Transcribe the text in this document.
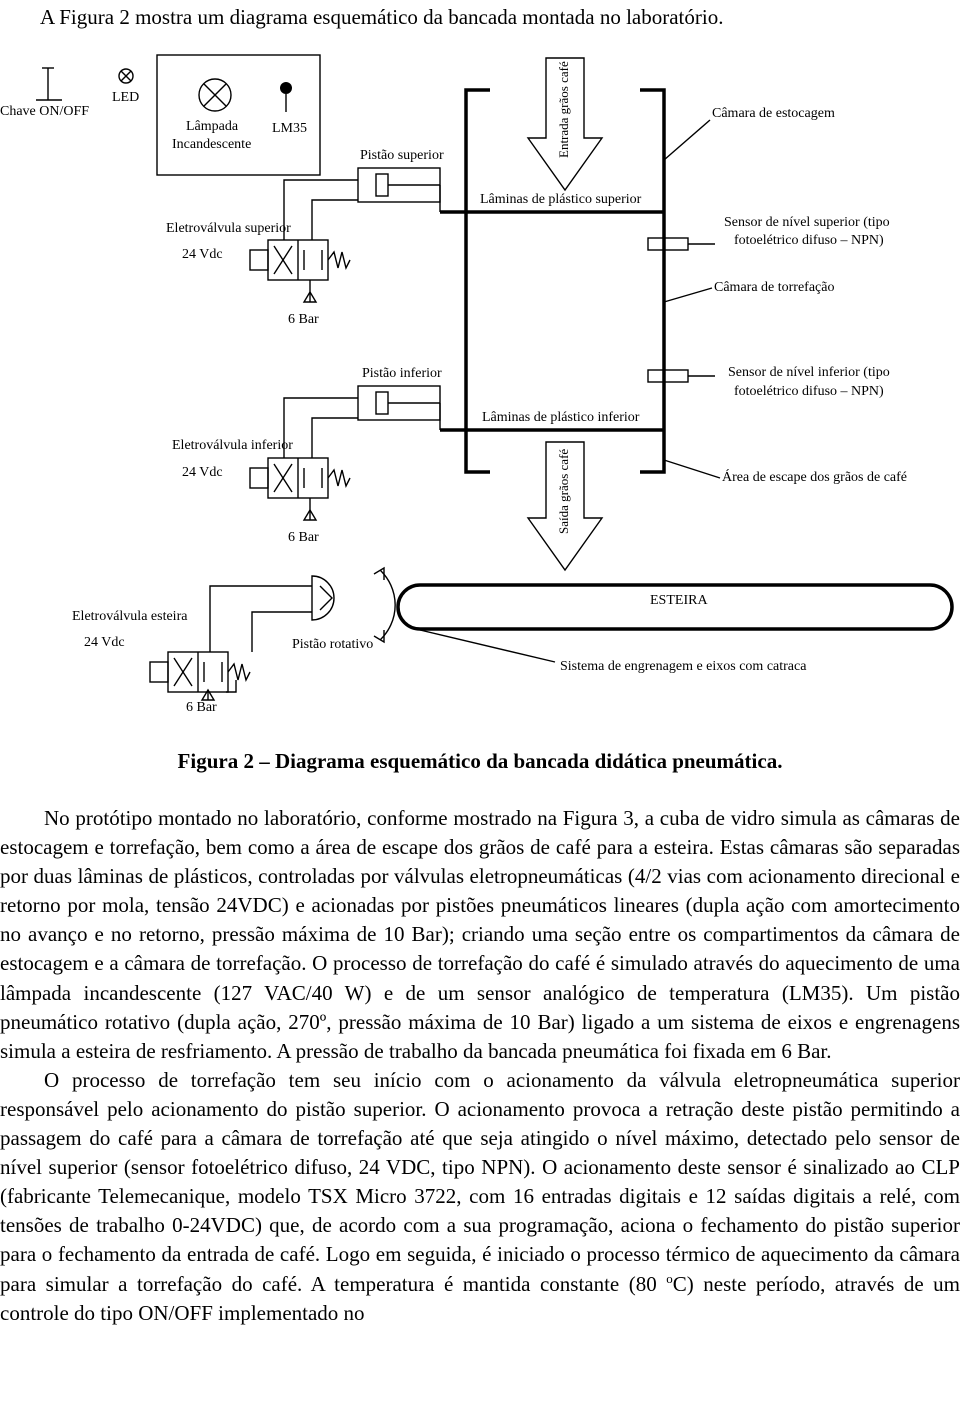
A Figura 2 mostra um diagrama esquemático da bancada montada no laboratório.
Chave ON/OFF
LED
Lâmpada
Incandescente
LM35	Entrada grãos café	Câmara de estocagem
Lâminas de plástico superior
Pistão superior
Eletroválvula superior
24 Vdc
6 Bar
Sensor de nível superior (tipo
fotoelétrico difuso – NPN)
Câmara de torrefação
Lâminas de plástico inferior
Pistão inferior
Eletroválvula inferior
24 Vdc
6 Bar
Sensor de nível inferior (tipo
fotoelétrico difuso – NPN)
Saída grãos café	Área de escape dos grãos de café
ESTEIRA
Sistema de engrenagem e eixos com catraca
Pistão rotativo
Eletroválvula esteira
24 Vdc
6 Bar
Figura 2 – Diagrama esquemático da bancada didática pneumática.

No protótipo montado no laboratório, conforme mostrado na Figura 3, a cuba de vidro simula as câmaras de estocagem e torrefação, bem como a área de escape dos grãos de café para a esteira. Estas câmaras são separadas por duas lâminas de plásticos, controladas por válvulas eletropneumáticas (4/2 vias com acionamento direcional e retorno por mola, tensão 24VDC) e acionadas por pistões pneumáticos lineares (dupla ação com amortecimento no avanço e no retorno, pressão máxima de 10 Bar); criando uma seção entre os compartimentos da câmara de estocagem e a câmara de torrefação. O processo de torrefação do café é simulado através do aquecimento de uma lâmpada incandescente (127 VAC/40 W) e de um sensor analógico de temperatura (LM35). Um pistão pneumático rotativo (dupla ação, 270º, pressão máxima de 10 Bar) ligado a um sistema de eixos e engrenagens simula a esteira de resfriamento. A pressão de trabalho da bancada pneumática foi fixada em 6 Bar.

O processo de torrefação tem seu início com o acionamento da válvula eletropneumática superior responsável pelo acionamento do pistão superior. O acionamento provoca a retração deste pistão permitindo a passagem do café para a câmara de torrefação até que seja atingido o nível máximo, detectado pelo sensor de nível superior (sensor fotoelétrico difuso, 24 VDC, tipo NPN). O acionamento deste sensor é sinalizado ao CLP (fabricante Telemecanique, modelo TSX Micro 3722, com 16 entradas digitais e 12 saídas digitais a relé, com tensões de trabalho 0-24VDC) que, de acordo com a sua programação, aciona o fechamento do pistão superior para o fechamento da entrada de café. Logo em seguida, é iniciado o processo térmico de aquecimento da câmara para simular a torrefação do café. A temperatura é mantida constante (80 $^o$C) neste período, através de um controle do tipo ON/OFF implementado no
